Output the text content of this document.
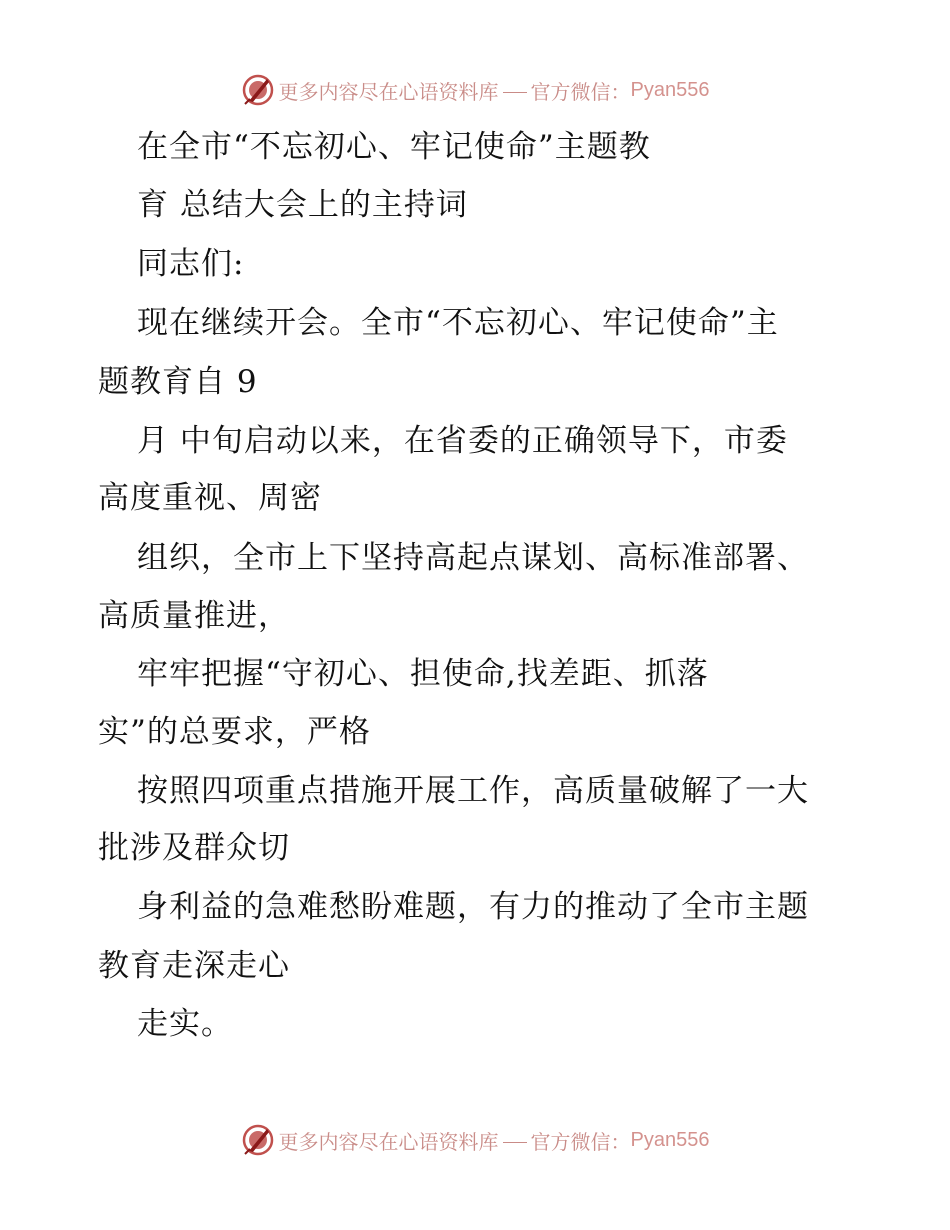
更多内容尽在心语资料库 官方微信： Pyan556
在全市“不忘初心、牢记使命”主题教
育 总结大会上的主持词
同志们:
现在继续开会。全市“不忘初心、牢记使命”主
题教育自 9
月 中旬启动以来，在省委的正确领导下，市委
高度重视、周密
组织，全市上下坚持高起点谋划、高标准部署、
高质量推进，
牢牢把握“守初心、担使命,找差距、抓落
实”的总要求，严格
按照四项重点措施开展工作，高质量破解了一大
批涉及群众切
身利益的急难愁盼难题，有力的推动了全市主题
教育走深走心
走实。
更多内容尽在心语资料库 官方微信： Pyan556
